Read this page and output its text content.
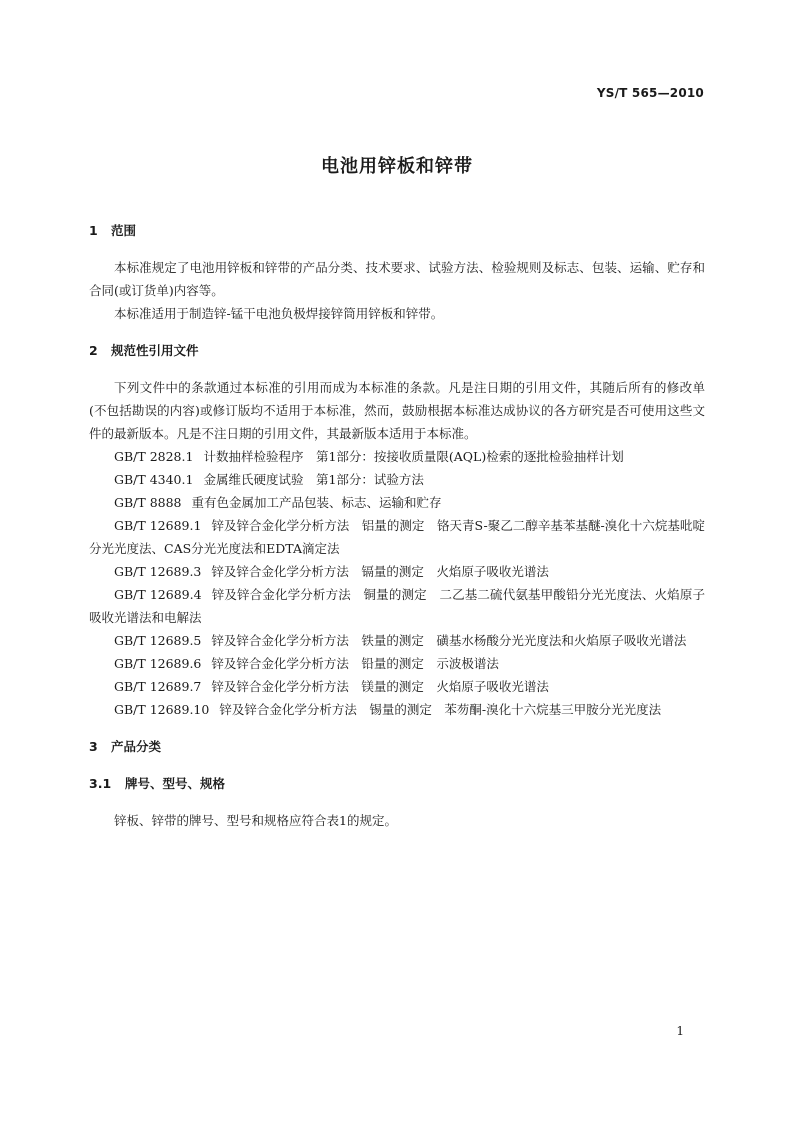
YS/T 565—2010
电池用锌板和锌带
1 范围

本标准规定了电池用锌板和锌带的产品分类、技术要求、试验方法、检验规则及标志、包装、运输、贮存和合同(或订货单)内容等。

本标准适用于制造锌-锰干电池负极焊接锌筒用锌板和锌带。

2 规范性引用文件

下列文件中的条款通过本标准的引用而成为本标准的条款。凡是注日期的引用文件，其随后所有的修改单(不包括勘误的内容)或修订版均不适用于本标准，然而，鼓励根据本标准达成协议的各方研究是否可使用这些文件的最新版本。凡是不注日期的引用文件，其最新版本适用于本标准。

GB/T 2828.1 计数抽样检验程序　第1部分：按接收质量限(AQL)检索的逐批检验抽样计划

GB/T 4340.1 金属维氏硬度试验　第1部分：试验方法

GB/T 8888 重有色金属加工产品包装、标志、运输和贮存

GB/T 12689.1 锌及锌合金化学分析方法　铝量的测定　铬天青S-聚乙二醇辛基苯基醚-溴化十六烷基吡啶分光光度法、CAS分光光度法和EDTA滴定法

GB/T 12689.3 锌及锌合金化学分析方法　镉量的测定　火焰原子吸收光谱法

GB/T 12689.4 锌及锌合金化学分析方法　铜量的测定　二乙基二硫代氨基甲酸铅分光光度法、火焰原子吸收光谱法和电解法

GB/T 12689.5 锌及锌合金化学分析方法　铁量的测定　磺基水杨酸分光光度法和火焰原子吸收光谱法

GB/T 12689.6 锌及锌合金化学分析方法　铅量的测定　示波极谱法

GB/T 12689.7 锌及锌合金化学分析方法　镁量的测定　火焰原子吸收光谱法

GB/T 12689.10 锌及锌合金化学分析方法　锡量的测定　苯芴酮-溴化十六烷基三甲胺分光光度法

3 产品分类
3.1 牌号、型号、规格

锌板、锌带的牌号、型号和规格应符合表1的规定。

1
